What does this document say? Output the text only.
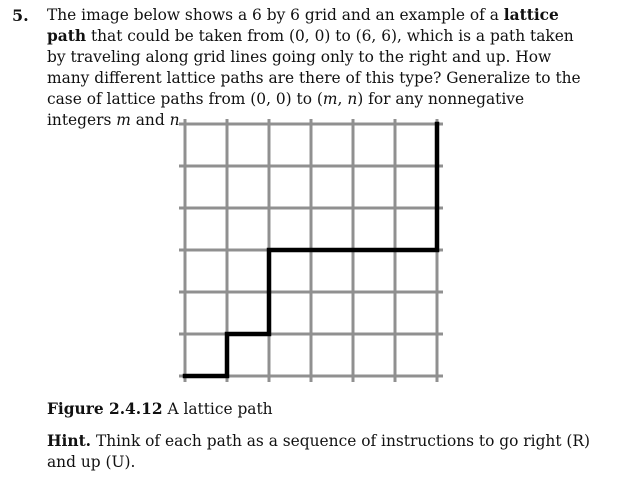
5. The image below shows a 6 by 6 grid and an example of a lattice path that could be taken from (0, 0) to (6, 6), which is a path taken by traveling along grid lines going only to the right and up. How many different lattice paths are there of this type? Generalize to the case of lattice paths from (0, 0) to (m, n) for any nonnegative integers m and n.
Figure 2.4.12 A lattice path
Hint. Think of each path as a sequence of instructions to go right (R) and up (U).
